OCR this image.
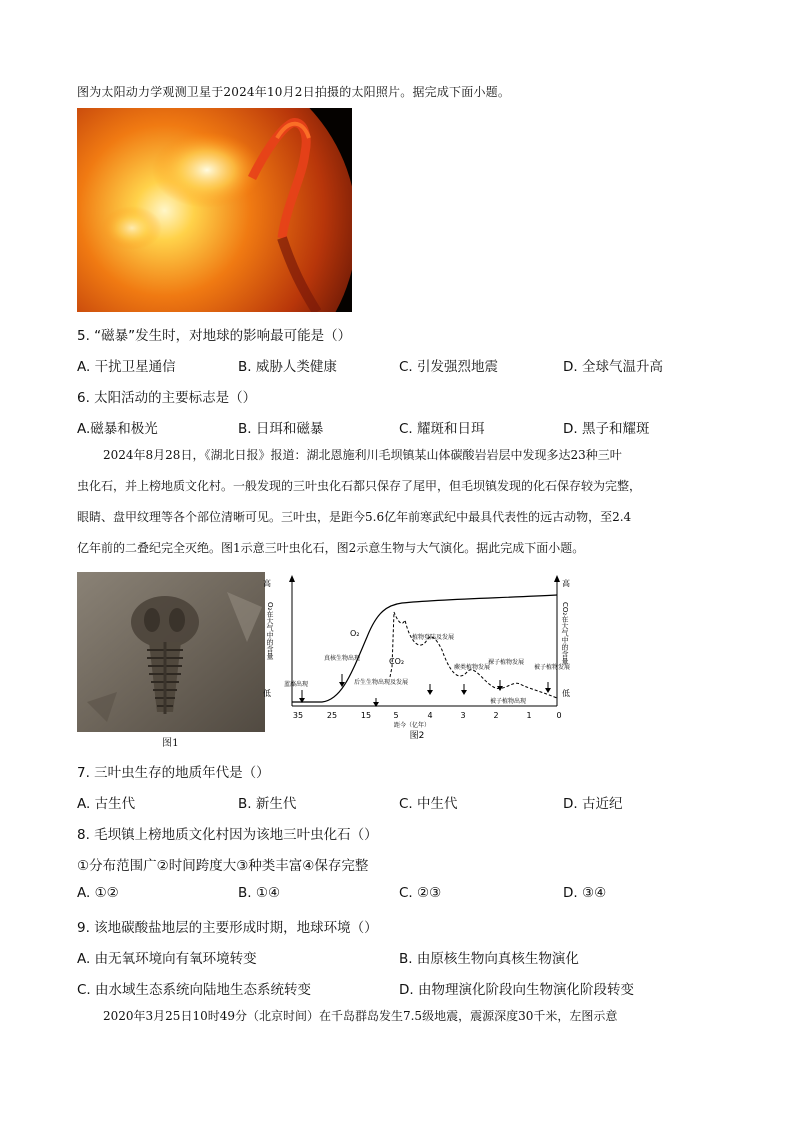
图为太阳动力学观测卫星于2024年10月2日拍摄的太阳照片。据完成下面小题。
5. “磁暴”发生时，对地球的影响最可能是（）
A. 干扰卫星通信	B. 威胁人类健康	C. 引发强烈地震	D. 全球气温升高
6. 太阳活动的主要标志是（）
A.磁暴和极光	B. 日珥和磁暴	C. 耀斑和日珥	D. 黑子和耀斑
2024年8月28日，《湖北日报》报道：湖北恩施利川毛坝镇某山体碳酸岩岩层中发现多达23种三叶
虫化石，并上榜地质文化村。一般发现的三叶虫化石都只保存了尾甲，但毛坝镇发现的化石保存较为完整，
眼睛、盘甲纹理等各个部位清晰可见。三叶虫，是距今5.6亿年前寒武纪中最具代表性的远古动物，至2.4
亿年前的二叠纪完全灭绝。图1示意三叶虫化石，图2示意生物与大气演化。据此完成下面小题。
图1
高
低
高
低
O₂在大气中的含量	CO₂在大气中的含量
O₂
CO₂
蓝藻出现
真核生物出现
后生生物出现及发展
植物登陆及发展
蕨类植物发展
裸子植物发展
被子植物发展
被子植物出现
35	25	15	5	4	3	2	1	0
距今（亿年）
图2
7. 三叶虫生存的地质年代是（）
A. 古生代	B. 新生代	C. 中生代	D. 古近纪
8. 毛坝镇上榜地质文化村因为该地三叶虫化石（）
①分布范围广②时间跨度大③种类丰富④保存完整
A. ①②	B. ①④	C. ②③	D. ③④
9. 该地碳酸盐地层的主要形成时期，地球环境（）
A. 由无氧环境向有氧环境转变	B. 由原核生物向真核生物演化
C. 由水域生态系统向陆地生态系统转变	D. 由物理演化阶段向生物演化阶段转变
2020年3月25日10时49分（北京时间）在千岛群岛发生7.5级地震，震源深度30千米，左图示意
